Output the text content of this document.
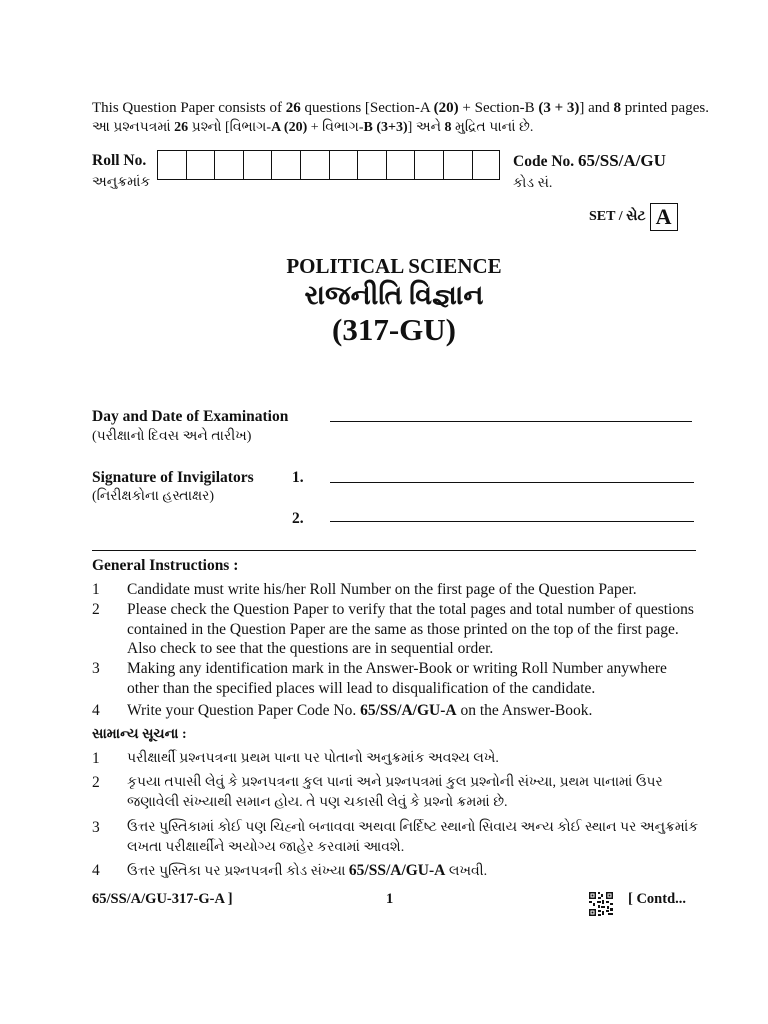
This Question Paper consists of 26 questions [Section-A (20) + Section-B (3 + 3)] and 8 printed pages.
આ પ્રશ્નપત્રમાં 26 પ્રશ્નો [વિભાગ-A (20) + વિભાગ-B (3+3)] અને 8 મુદ્રિત પાનાં છે.
Roll No.
અનુક્રમાંક
Code No. 65/SS/A/GU
કોડ સં.
SET / સેટ A
POLITICAL SCIENCE
રાજનીતિ વિજ્ઞાન
(317-GU)
Day and Date of Examination
(પરીક્ષાનો દિવસ અને તારીખ)
Signature of Invigilators
(નિરીક્ષકોના હસ્તાક્ષર)
1.
2.
General Instructions :
1	Candidate must write his/her Roll Number on the first page of the Question Paper.
2	Please check the Question Paper to verify that the total pages and total number of questions contained in the Question Paper are the same as those printed on the top of the first page. Also check to see that the questions are in sequential order.
3	Making any identification mark in the Answer-Book or writing Roll Number anywhere other than the specified places will lead to disqualification of the candidate.
4	Write your Question Paper Code No. 65/SS/A/GU-A on the Answer-Book.
સામાન્ય સૂચના :
1	પરીક્ષાર્થી પ્રશ્નપત્રના પ્રથમ પાના પર પોતાનો અનુક્રમાંક અવશ્ય લખે.
2	કૃપયા તપાસી લેવું કે પ્રશ્નપત્રના કુલ પાનાં અને પ્રશ્નપત્રમાં કુલ પ્રશ્નોની સંખ્યા, પ્રથમ પાનામાં ઉપર જણાવેલી સંખ્યાથી સમાન હોય. તે પણ ચકાસી લેવું કે પ્રશ્નો ક્રમમાં છે.
3	ઉત્તર પુસ્તિકામાં કોઈ પણ ચિહ્નો બનાવવા અથવા નિર્દિષ્ટ સ્થાનો સિવાય અન્ય કોઈ સ્થાન પર અનુક્રમાંક લખતા પરીક્ષાર્થીને અયોગ્ય જાહેર કરવામાં આવશે.
4	ઉત્તર પુસ્તિકા પર પ્રશ્નપત્રની કોડ સંખ્યા 65/SS/A/GU-A લખવી.
65/SS/A/GU-317-G-A ]	1	[ Contd...
